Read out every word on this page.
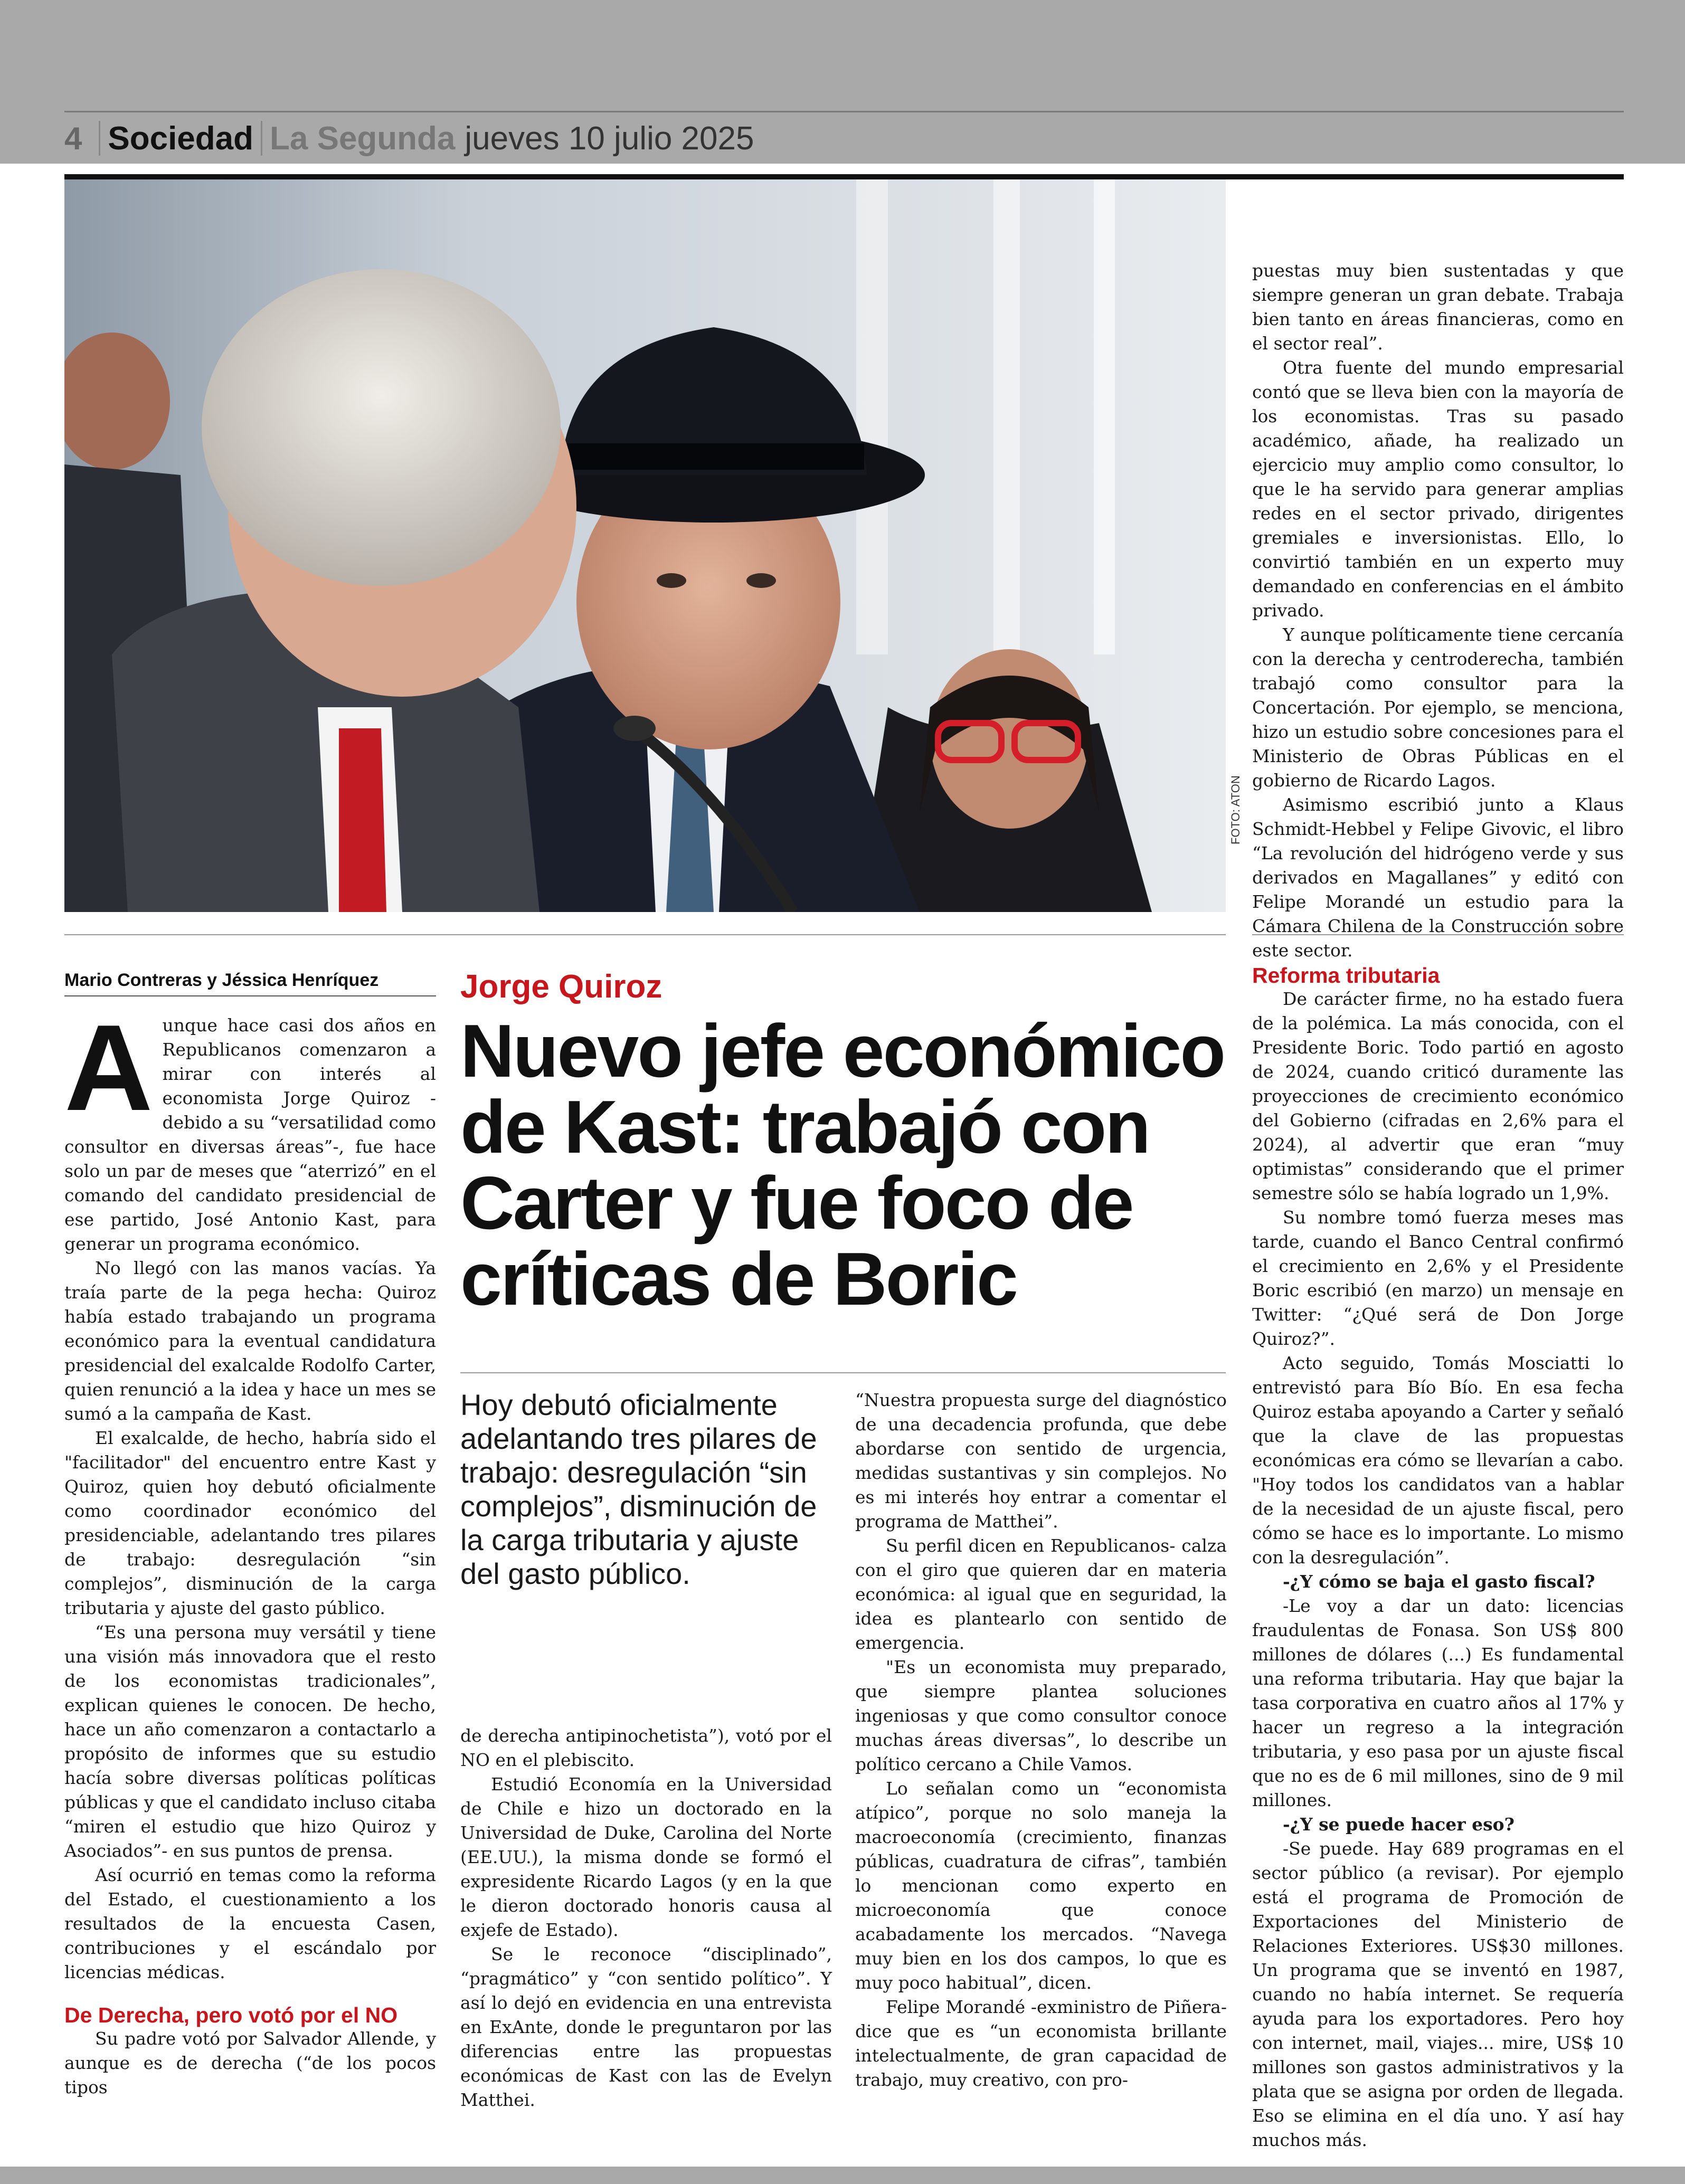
4 Sociedad La Segunda jueves 10 julio 2025
FOTO: ATON
Mario Contreras y Jéssica Henríquez	Jorge Quiroz
Nuevo jefe económico de Kast: trabajó con Carter y fue foco de críticas de Boric
Hoy debutó oficialmente adelantando tres pilares de trabajo: desregulación “sin complejos”, disminución de la carga tributaria y ajuste del gasto público.

Aunque hace casi dos años en Republicanos comenzaron a mirar con interés al economista Jorge Quiroz -debido a su “versatilidad como consultor en diversas áreas”-, fue hace solo un par de meses que “aterrizó” en el comando del candidato presidencial de ese partido, José Antonio Kast, para generar un programa económico.

No llegó con las manos vacías. Ya traía parte de la pega hecha: Quiroz había estado trabajando un programa económico para la eventual candidatura presidencial del exalcalde Rodolfo Carter, quien renunció a la idea y hace un mes se sumó a la campaña de Kast.

El exalcalde, de hecho, habría sido el "facilitador" del encuentro entre Kast y Quiroz, quien hoy debutó oficialmente como coordinador económico del presidenciable, adelantando tres pilares de trabajo: desregulación “sin complejos”, disminución de la carga tributaria y ajuste del gasto público.

“Es una persona muy versátil y tiene una visión más innovadora que el resto de los economistas tradicionales”, explican quienes le conocen. De hecho, hace un año comenzaron a contactarlo a propósito de informes que su estudio hacía sobre diversas políticas políticas públicas y que el candidato incluso citaba “miren el estudio que hizo Quiroz y Asociados”- en sus puntos de prensa.

Así ocurrió en temas como la reforma del Estado, el cuestionamiento a los resultados de la encuesta Casen, contribuciones y el escándalo por licencias médicas.

De Derecha, pero votó por el NO

Su padre votó por Salvador Allende, y aunque es de derecha (“de los pocos tipos

de derecha antipinochetista”), votó por el NO en el plebiscito.

Estudió Economía en la Universidad de Chile e hizo un doctorado en la Universidad de Duke, Carolina del Norte (EE.UU.), la misma donde se formó el expresidente Ricardo Lagos (y en la que le dieron doctorado honoris causa al exjefe de Estado).

Se le reconoce “disciplinado”, “pragmático” y “con sentido político”. Y así lo dejó en evidencia en una entrevista en ExAnte, donde le preguntaron por las diferencias entre las propuestas económicas de Kast con las de Evelyn Matthei.

“Nuestra propuesta surge del diagnóstico de una decadencia profunda, que debe abordarse con sentido de urgencia, medidas sustantivas y sin complejos. No es mi interés hoy entrar a comentar el programa de Matthei”.

Su perfil dicen en Republicanos- calza con el giro que quieren dar en materia económica: al igual que en seguridad, la idea es plantearlo con sentido de emergencia.

"Es un economista muy preparado, que siempre plantea soluciones ingeniosas y que como consultor conoce muchas áreas diversas”, lo describe un político cercano a Chile Vamos.

Lo señalan como un “economista atípico”, porque no solo maneja la macroeconomía (crecimiento, finanzas públicas, cuadratura de cifras”, también lo mencionan como experto en microeconomía que conoce acabadamente los mercados. “Navega muy bien en los dos campos, lo que es muy poco habitual”, dicen.

Felipe Morandé -exministro de Piñera- dice que es “un economista brillante intelectualmente, de gran capacidad de trabajo, muy creativo, con pro-

puestas muy bien sustentadas y que siempre generan un gran debate. Trabaja bien tanto en áreas financieras, como en el sector real”.

Otra fuente del mundo empresarial contó que se lleva bien con la mayoría de los economistas. Tras su pasado académico, añade, ha realizado un ejercicio muy amplio como consultor, lo que le ha servido para generar amplias redes en el sector privado, dirigentes gremiales e inversionistas. Ello, lo convirtió también en un experto muy demandado en conferencias en el ámbito privado.

Y aunque políticamente tiene cercanía con la derecha y centroderecha, también trabajó como consultor para la Concertación. Por ejemplo, se menciona, hizo un estudio sobre concesiones para el Ministerio de Obras Públicas en el gobierno de Ricardo Lagos.

Asimismo escribió junto a Klaus Schmidt-Hebbel y Felipe Givovic, el libro “La revolución del hidrógeno verde y sus derivados en Magallanes” y editó con Felipe Morandé un estudio para la Cámara Chilena de la Construcción sobre este sector.

Reforma tributaria

De carácter firme, no ha estado fuera de la polémica. La más conocida, con el Presidente Boric. Todo partió en agosto de 2024, cuando criticó duramente las proyecciones de crecimiento económico del Gobierno (cifradas en 2,6% para el 2024), al advertir que eran “muy optimistas” considerando que el primer semestre sólo se había logrado un 1,9%.

Su nombre tomó fuerza meses mas tarde, cuando el Banco Central confirmó el crecimiento en 2,6% y el Presidente Boric escribió (en marzo) un mensaje en Twitter: “¿Qué será de Don Jorge Quiroz?”.

Acto seguido, Tomás Mosciatti lo entrevistó para Bío Bío. En esa fecha Quiroz estaba apoyando a Carter y señaló que la clave de las propuestas económicas era cómo se llevarían a cabo. "Hoy todos los candidatos van a hablar de la necesidad de un ajuste fiscal, pero cómo se hace es lo importante. Lo mismo con la desregulación”.

-¿Y cómo se baja el gasto fiscal?

-Le voy a dar un dato: licencias fraudulentas de Fonasa. Son US$ 800 millones de dólares (...) Es fundamental una reforma tributaria. Hay que bajar la tasa corporativa en cuatro años al 17% y hacer un regreso a la integración tributaria, y eso pasa por un ajuste fiscal que no es de 6 mil millones, sino de 9 mil millones.

-¿Y se puede hacer eso?

-Se puede. Hay 689 programas en el sector público (a revisar). Por ejemplo está el programa de Promoción de Exportaciones del Ministerio de Relaciones Exteriores. US$30 millones. Un programa que se inventó en 1987, cuando no había internet. Se requería ayuda para los exportadores. Pero hoy con internet, mail, viajes... mire, US$ 10 millones son gastos administrativos y la plata que se asigna por orden de llegada. Eso se elimina en el día uno. Y así hay muchos más.
